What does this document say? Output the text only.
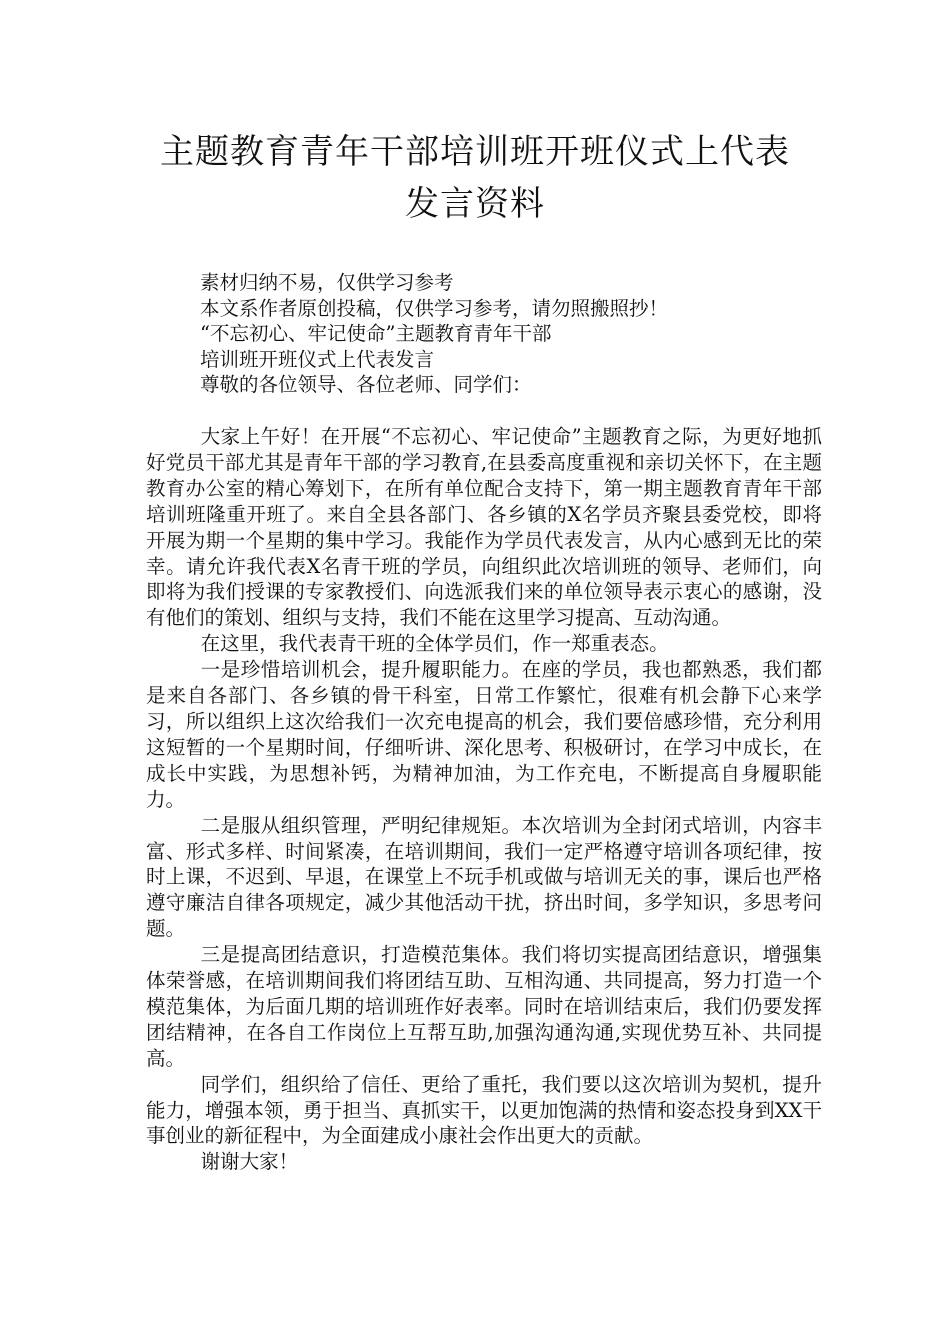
主题教育青年干部培训班开班仪式上代表
发言资料

素材归纳不易，仅供学习参考

本文系作者原创投稿，仅供学习参考，请勿照搬照抄！

“不忘初心、牢记使命”主题教育青年干部

培训班开班仪式上代表发言

尊敬的各位领导、各位老师、同学们：

大家上午好！在开展“不忘初心、牢记使命”主题教育之际，为更好地抓好党员干部尤其是青年干部的学习教育,在县委高度重视和亲切关怀下，在主题教育办公室的精心筹划下，在所有单位配合支持下，第一期主题教育青年干部培训班隆重开班了。来自全县各部门、各乡镇的X名学员齐聚县委党校，即将开展为期一个星期的集中学习。我能作为学员代表发言，从内心感到无比的荣幸。请允许我代表X名青干班的学员，向组织此次培训班的领导、老师们，向即将为我们授课的专家教授们、向选派我们来的单位领导表示衷心的感谢，没有他们的策划、组织与支持，我们不能在这里学习提高、互动沟通。

在这里，我代表青干班的全体学员们，作一郑重表态。

一是珍惜培训机会，提升履职能力。在座的学员，我也都熟悉，我们都是来自各部门、各乡镇的骨干科室，日常工作繁忙，很难有机会静下心来学习，所以组织上这次给我们一次充电提高的机会，我们要倍感珍惜，充分利用这短暂的一个星期时间，仔细听讲、深化思考、积极研讨，在学习中成长，在成长中实践，为思想补钙，为精神加油，为工作充电，不断提高自身履职能力。

二是服从组织管理，严明纪律规矩。本次培训为全封闭式培训，内容丰富、形式多样、时间紧凑，在培训期间，我们一定严格遵守培训各项纪律，按时上课，不迟到、早退，在课堂上不玩手机或做与培训无关的事，课后也严格遵守廉洁自律各项规定，减少其他活动干扰，挤出时间，多学知识，多思考问题。

三是提高团结意识，打造模范集体。我们将切实提高团结意识，增强集体荣誉感，在培训期间我们将团结互助、互相沟通、共同提高，努力打造一个模范集体，为后面几期的培训班作好表率。同时在培训结束后，我们仍要发挥团结精神，在各自工作岗位上互帮互助,加强沟通沟通,实现优势互补、共同提高。

同学们，组织给了信任、更给了重托，我们要以这次培训为契机，提升能力，增强本领，勇于担当、真抓实干，以更加饱满的热情和姿态投身到XX干事创业的新征程中，为全面建成小康社会作出更大的贡献。

谢谢大家！
